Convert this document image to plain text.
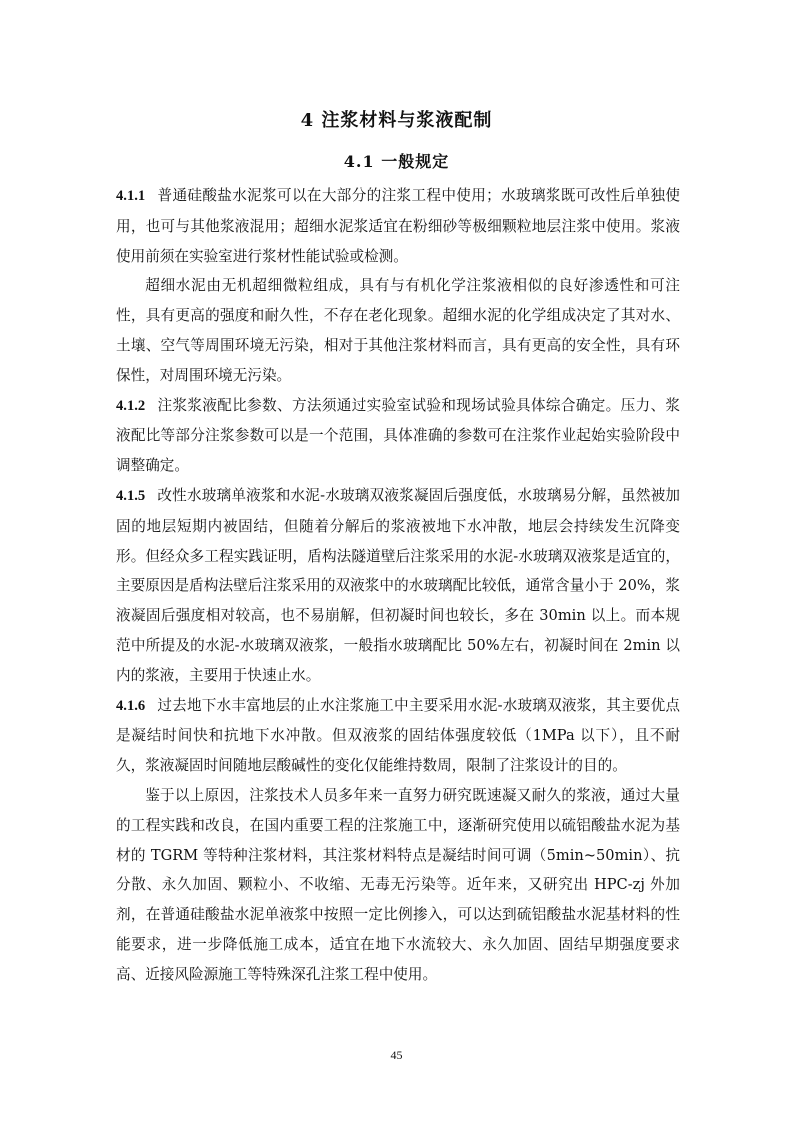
4 注浆材料与浆液配制
4.1 一般规定

4.1.1 普通硅酸盐水泥浆可以在大部分的注浆工程中使用；水玻璃浆既可改性后单独使用，也可与其他浆液混用；超细水泥浆适宜在粉细砂等极细颗粒地层注浆中使用。浆液使用前须在实验室进行浆材性能试验或检测。

超细水泥由无机超细微粒组成，具有与有机化学注浆液相似的良好渗透性和可注性，具有更高的强度和耐久性，不存在老化现象。超细水泥的化学组成决定了其对水、土壤、空气等周围环境无污染，相对于其他注浆材料而言，具有更高的安全性，具有环保性，对周围环境无污染。

4.1.2 注浆浆液配比参数、方法须通过实验室试验和现场试验具体综合确定。压力、浆液配比等部分注浆参数可以是一个范围，具体准确的参数可在注浆作业起始实验阶段中调整确定。

4.1.5 改性水玻璃单液浆和水泥-水玻璃双液浆凝固后强度低，水玻璃易分解，虽然被加固的地层短期内被固结，但随着分解后的浆液被地下水冲散，地层会持续发生沉降变形。但经众多工程实践证明，盾构法隧道壁后注浆采用的水泥-水玻璃双液浆是适宜的，主要原因是盾构法壁后注浆采用的双液浆中的水玻璃配比较低，通常含量小于 20%，浆液凝固后强度相对较高，也不易崩解，但初凝时间也较长，多在 30min 以上。而本规范中所提及的水泥-水玻璃双液浆，一般指水玻璃配比 50%左右，初凝时间在 2min 以内的浆液，主要用于快速止水。

4.1.6 过去地下水丰富地层的止水注浆施工中主要采用水泥-水玻璃双液浆，其主要优点是凝结时间快和抗地下水冲散。但双液浆的固结体强度较低（1MPa 以下），且不耐久，浆液凝固时间随地层酸碱性的变化仅能维持数周，限制了注浆设计的目的。

鉴于以上原因，注浆技术人员多年来一直努力研究既速凝又耐久的浆液，通过大量的工程实践和改良，在国内重要工程的注浆施工中，逐渐研究使用以硫铝酸盐水泥为基材的 TGRM 等特种注浆材料，其注浆材料特点是凝结时间可调（5min~50min）、抗分散、永久加固、颗粒小、不收缩、无毒无污染等。近年来，又研究出 HPC-zj 外加剂，在普通硅酸盐水泥单液浆中按照一定比例掺入，可以达到硫铝酸盐水泥基材料的性能要求，进一步降低施工成本，适宜在地下水流较大、永久加固、固结早期强度要求高、近接风险源施工等特殊深孔注浆工程中使用。

45
